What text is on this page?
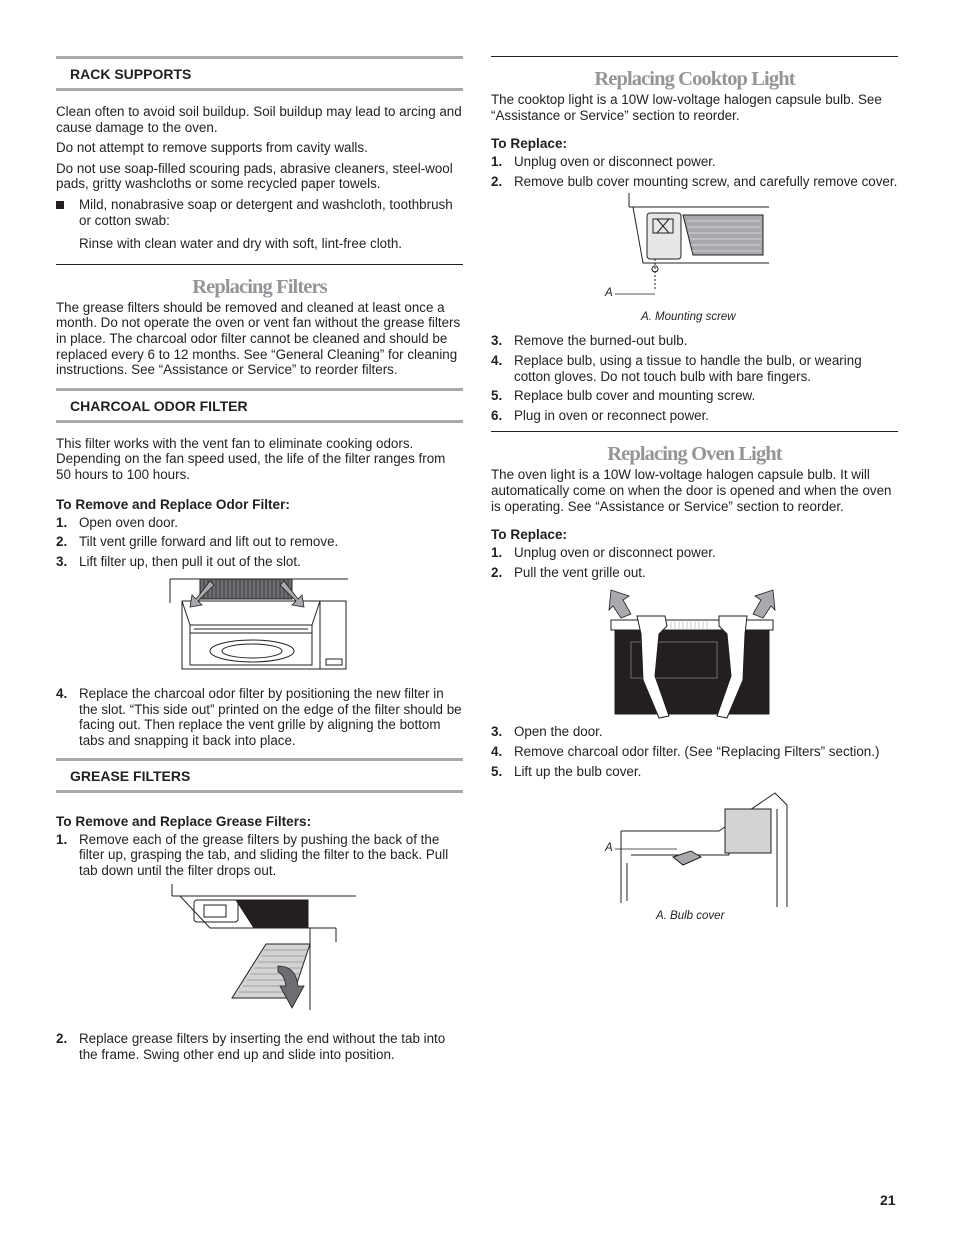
RACK SUPPORTS

Clean often to avoid soil buildup. Soil buildup may lead to arcing and cause damage to the oven.

Do not attempt to remove supports from cavity walls.

Do not use soap-filled scouring pads, abrasive cleaners, steel-wool pads, gritty washcloths or some recycled paper towels.

Mild, nonabrasive soap or detergent and washcloth, toothbrush or cotton swab:

Rinse with clean water and dry with soft, lint-free cloth.

Replacing Filters

The grease filters should be removed and cleaned at least once a month. Do not operate the oven or vent fan without the grease filters in place. The charcoal odor filter cannot be cleaned and should be replaced every 6 to 12 months. See “General Cleaning” for cleaning instructions. See “Assistance or Service” to reorder filters.

CHARCOAL ODOR FILTER

This filter works with the vent fan to eliminate cooking odors. Depending on the fan speed used, the life of the filter ranges from 50 hours to 100 hours.

To Remove and Replace Odor Filter:
1. Open oven door.
2. Tilt vent grille forward and lift out to remove.
3. Lift filter up, then pull it out of the slot.
4. Replace the charcoal odor filter by positioning the new filter in the slot. “This side out” printed on the edge of the filter should be facing out. Then replace the vent grille by aligning the bottom tabs and snapping it back into place.
GREASE FILTERS
To Remove and Replace Grease Filters:
1. Remove each of the grease filters by pushing the back of the filter up, grasping the tab, and sliding the filter to the back. Pull tab down until the filter drops out.
2. Replace grease filters by inserting the end without the tab into the frame. Swing other end up and slide into position.
Replacing Cooktop Light

The cooktop light is a 10W low-voltage halogen capsule bulb. See “Assistance or Service” section to reorder.

To Replace:
1. Unplug oven or disconnect power.
2. Remove bulb cover mounting screw, and carefully remove cover.
A
A. Mounting screw
3. Remove the burned-out bulb.
4. Replace bulb, using a tissue to handle the bulb, or wearing cotton gloves. Do not touch bulb with bare fingers.
5. Replace bulb cover and mounting screw.
6. Plug in oven or reconnect power.
Replacing Oven Light

The oven light is a 10W low-voltage halogen capsule bulb. It will automatically come on when the door is opened and when the oven is operating. See “Assistance or Service” section to reorder.

To Replace:
1. Unplug oven or disconnect power.
2. Pull the vent grille out.
3. Open the door.
4. Remove charcoal odor filter. (See “Replacing Filters” section.)
5. Lift up the bulb cover.
A
A. Bulb cover
21
